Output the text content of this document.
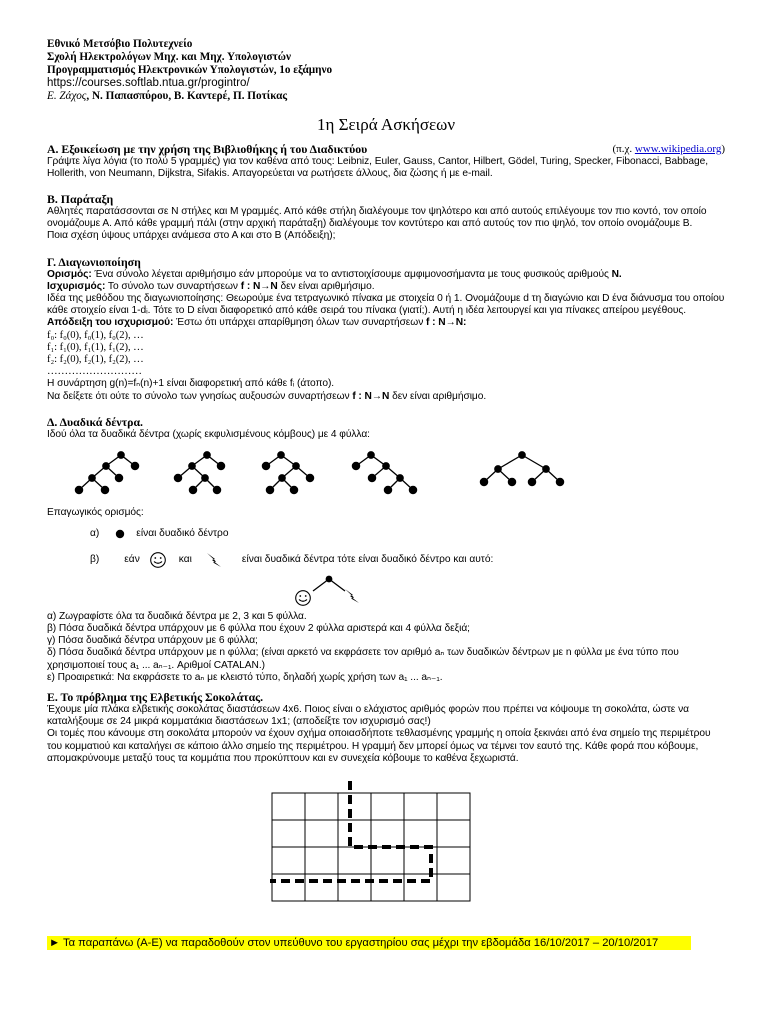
Εθνικό Μετσόβιο Πολυτεχνείο
Σχολή Ηλεκτρολόγων Μηχ. και Μηχ. Υπολογιστών
Προγραμματισμός Ηλεκτρονικών Υπολογιστών, 1ο εξάμηνο
https://courses.softlab.ntua.gr/progintro/
Ε. Ζάχος, Ν. Παπασπύρου, Β. Καντερέ, Π. Ποτίκας
1η Σειρά Ασκήσεων
(π.χ. www.wikipedia.org)
Α. Εξοικείωση με την χρήση της Βιβλιοθήκης ή του Διαδικτύου
Γράψτε λίγα λόγια (το πολύ 5 γραμμές) για τον καθένα από τους: Leibniz, Euler, Gauss, Cantor, Hilbert, Gödel, Turing, Specker, Fibonacci, Babbage, Hollerith, von Neumann, Dijkstra, Sifakis. Απαγορεύεται να ρωτήσετε άλλους, δια ζώσης ή με e-mail.
Β. Παράταξη
Αθλητές παρατάσσονται σε Ν στήλες και Μ γραμμές. Από κάθε στήλη διαλέγουμε τον ψηλότερο και από αυτούς επιλέγουμε τον πιο κοντό, τον οποίο ονομάζουμε Α. Από κάθε γραμμή πάλι (στην αρχική παράταξη) διαλέγουμε τον κοντύτερο και από αυτούς τον πιο ψηλό, τον οποίο ονομάζουμε Β.
Ποια σχέση ύψους υπάρχει ανάμεσα στο Α και στο Β (Απόδειξη);
Γ. Διαγωνιοποίηση
Ορισμός: Ένα σύνολο λέγεται αριθμήσιμο εάν μπορούμε να το αντιστοιχίσουμε αμφιμονοσήμαντα με τους φυσικούς αριθμούς N.
Ισχυρισμός: Το σύνολο των συναρτήσεων f : N→N δεν είναι αριθμήσιμο.
Ιδέα της μεθόδου της διαγωνιοποίησης: Θεωρούμε ένα τετραγωνικό πίνακα με στοιχεία 0 ή 1. Ονομάζουμε d τη διαγώνιο και D ένα διάνυσμα του οποίου κάθε στοιχείο είναι 1-dᵢ. Τότε το D είναι διαφορετικό από κάθε σειρά του πίνακα (γιατί;). Αυτή η ιδέα λειτουργεί και για πίνακες απείρου μεγέθους.
Απόδειξη του ισχυρισμού: Έστω ότι υπάρχει απαρίθμηση όλων των συναρτήσεων f : N→N:
f₀: f₀(0), f₀(1), f₀(2), …
f₁: f₁(0), f₁(1), f₁(2), …
f₂: f₂(0), f₂(1), f₂(2), …
………………………
Η συνάρτηση g(n)=fₙ(n)+1 είναι διαφορετική από κάθε fᵢ (άτοπο).
Να δείξετε ότι ούτε το σύνολο των γνησίως αυξουσών συναρτήσεων f : N→N δεν είναι αριθμήσιμο.
Δ. Δυαδικά δέντρα.
Ιδού όλα τα δυαδικά δέντρα (χωρίς εκφυλισμένους κόμβους) με 4 φύλλα:
Επαγωγικός ορισμός:
α)	είναι δυαδικό δέντρο
β) εάν	και	είναι δυαδικά δέντρα τότε είναι δυαδικό δέντρο και αυτό:
α) Ζωγραφίστε όλα τα δυαδικά δέντρα με 2, 3 και 5 φύλλα.
β) Πόσα δυαδικά δέντρα υπάρχουν με 6 φύλλα που έχουν 2 φύλλα αριστερά και 4 φύλλα δεξιά;
γ) Πόσα δυαδικά δέντρα υπάρχουν με 6 φύλλα;
δ) Πόσα δυαδικά δέντρα υπάρχουν με n φύλλα; (είναι αρκετό να εκφράσετε τον αριθμό aₙ των δυαδικών δέντρων με n φύλλα με ένα τύπο που χρησιμοποιεί τους a₁ ... aₙ₋₁. Αριθμοί CATALAN.)
ε) Προαιρετικά: Να εκφράσετε το aₙ με κλειστό τύπο, δηλαδή χωρίς χρήση των a₁ ... aₙ₋₁.
Ε. Το πρόβλημα της Ελβετικής Σοκολάτας.
Έχουμε μία πλάκα ελβετικής σοκολάτας διαστάσεων 4x6. Ποιος είναι ο ελάχιστος αριθμός φορών που πρέπει να κόψουμε τη σοκολάτα, ώστε να καταλήξουμε σε 24 μικρά κομματάκια διαστάσεων 1x1; (αποδείξτε τον ισχυρισμό σας!)
Οι τομές που κάνουμε στη σοκολάτα μπορούν να έχουν σχήμα οποιασδήποτε τεθλασμένης γραμμής η οποία ξεκινάει από ένα σημείο της περιμέτρου του κομματιού και καταλήγει σε κάποιο άλλο σημείο της περιμέτρου. Η γραμμή δεν μπορεί όμως να τέμνει τον εαυτό της. Κάθε φορά που κόβουμε, απομακρύνουμε μεταξύ τους τα κομμάτια που προκύπτουν και εν συνεχεία κόβουμε το καθένα ξεχωριστά.
► Τα παραπάνω (Α-Ε) να παραδοθούν στον υπεύθυνο του εργαστηρίου σας μέχρι την εβδομάδα 16/10/2017 – 20/10/2017
